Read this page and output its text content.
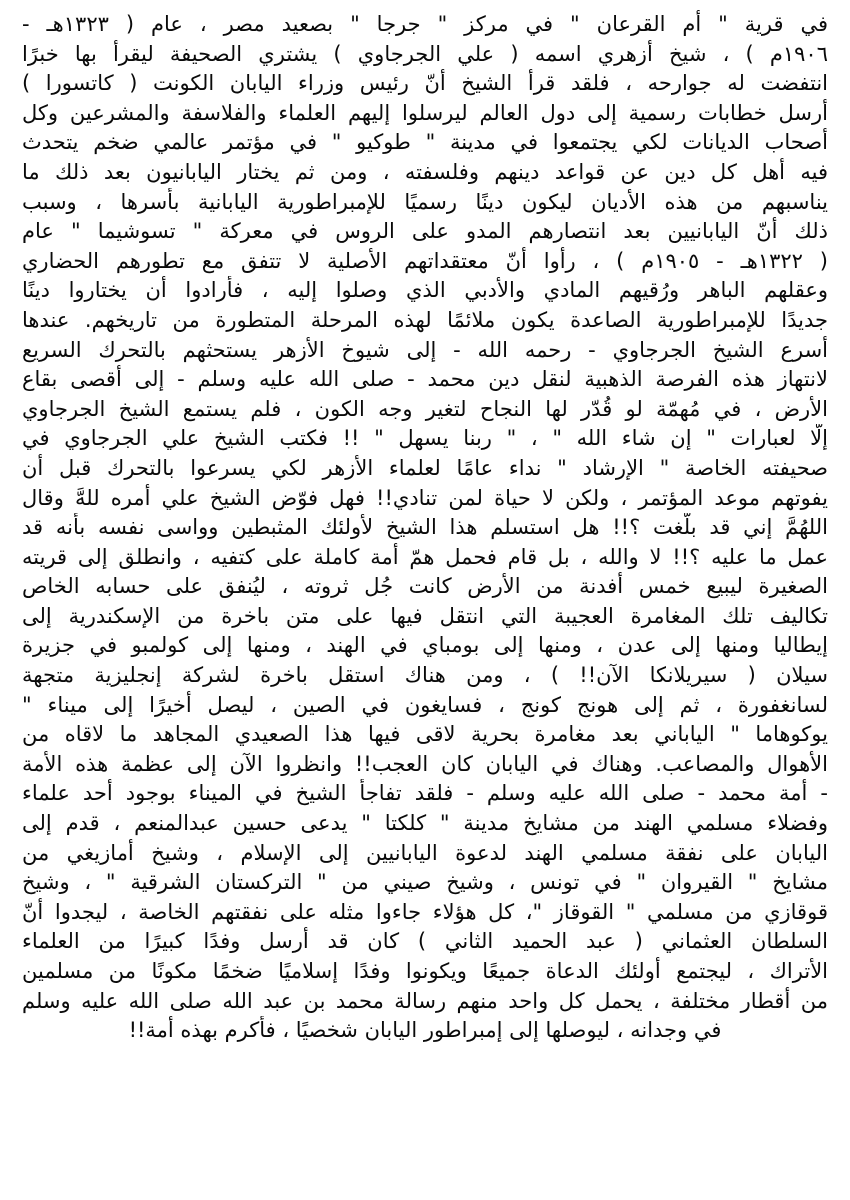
في قرية " أم القرعان " في مركز " جرجا " بصعيد مصر ، عام ( ١٣٢٣هـ -
١٩٠٦م ) ، شيخ أزهري اسمه ( علي الجرجاوي ) يشتري الصحيفة ليقرأ بها خبرًا
انتفضت له جوارحه ، فلقد قرأ الشيخ أنّ رئيس وزراء اليابان الكونت ( كاتسورا )
أرسل خطابات رسمية إلى دول العالم ليرسلوا إليهم العلماء والفلاسفة والمشرعين وكل
أصحاب الديانات لكي يجتمعوا في مدينة " طوكيو " في مؤتمر عالمي ضخم يتحدث
فيه أهل كل دين عن قواعد دينهم وفلسفته ، ومن ثم يختار اليابانيون بعد ذلك ما
يناسبهم من هذه الأديان ليكون دينًا رسميًا للإمبراطورية اليابانية بأسرها ، وسبب
ذلك أنّ اليابانيين بعد انتصارهم المدو على الروس في معركة " تسوشيما " عام
( ١٣٢٢هـ - ١٩٠٥م ) ، رأوا أنّ معتقداتهم الأصلية لا تتفق مع تطورهم الحضاري
وعقلهم الباهر ورُقيهم المادي والأدبي الذي وصلوا إليه ، فأرادوا أن يختاروا دينًا
جديدًا للإمبراطورية الصاعدة يكون ملائمًا لهذه المرحلة المتطورة من تاريخهم. عندها
أسرع الشيخ الجرجاوي - رحمه الله - إلى شيوخ الأزهر يستحثهم بالتحرك السريع
لانتهاز هذه الفرصة الذهبية لنقل دين محمد - صلى الله عليه وسلم - إلى أقصى بقاع
الأرض ، في مُهمّة لو قُدّر لها النجاح لتغير وجه الكون ، فلم يستمع الشيخ الجرجاوي
إلّا لعبارات " إن شاء الله " ، " ربنا يسهل " !! فكتب الشيخ علي الجرجاوي في
صحيفته الخاصة " الإرشاد " نداء عامًا لعلماء الأزهر لكي يسرعوا بالتحرك قبل أن
يفوتهم موعد المؤتمر ، ولكن لا حياة لمن تنادي!! فهل فوّض الشيخ علي أمره للهَّ وقال
اللهُمَّ إني قد بلّغت ؟!! هل استسلم هذا الشيخ لأولئك المثبطين وواسى نفسه بأنه قد
عمل ما عليه ؟!! لا والله ، بل قام فحمل همّ أمة كاملة على كتفيه ، وانطلق إلى قريته
الصغيرة ليبيع خمس أفدنة من الأرض كانت جُل ثروته ، ليُنفق على حسابه الخاص
تكاليف تلك المغامرة العجيبة التي انتقل فيها على متن باخرة من الإسكندرية إلى
إيطاليا ومنها إلى عدن ، ومنها إلى بومباي في الهند ، ومنها إلى كولمبو في جزيرة
سيلان ( سيريلانكا الآن!! ) ، ومن هناك استقل باخرة لشركة إنجليزية متجهة
لسانغفورة ، ثم إلى هونج كونج ، فسايغون في الصين ، ليصل أخيرًا إلى ميناء "
يوكوهاما " الياباني بعد مغامرة بحرية لاقى فيها هذا الصعيدي المجاهد ما لاقاه من
الأهوال والمصاعب. وهناك في اليابان كان العجب!! وانظروا الآن إلى عظمة هذه الأمة
- أمة محمد - صلى الله عليه وسلم - فلقد تفاجأ الشيخ في الميناء بوجود أحد علماء
وفضلاء مسلمي الهند من مشايخ مدينة " كلكتا " يدعى حسين عبدالمنعم ، قدم إلى
اليابان على نفقة مسلمي الهند لدعوة اليابانيين إلى الإسلام ، وشيخ أمازيغي من
مشايخ " القيروان " في تونس ، وشيخ صيني من " التركستان الشرقية " ، وشيخ
قوقازي من مسلمي " القوقاز "، كل هؤلاء جاءوا مثله على نفقتهم الخاصة ، ليجدوا أنّ
السلطان العثماني ( عبد الحميد الثاني ) كان قد أرسل وفدًا كبيرًا من العلماء
الأتراك ، ليجتمع أولئك الدعاة جميعًا ويكونوا وفدًا إسلاميًا ضخمًا مكونًا من مسلمين
من أقطار مختلفة ، يحمل كل واحد منهم رسالة محمد بن عبد الله صلى الله عليه وسلم
في وجدانه ، ليوصلها إلى إمبراطور اليابان شخصيًا ، فأكرم بهذه أمة!!
